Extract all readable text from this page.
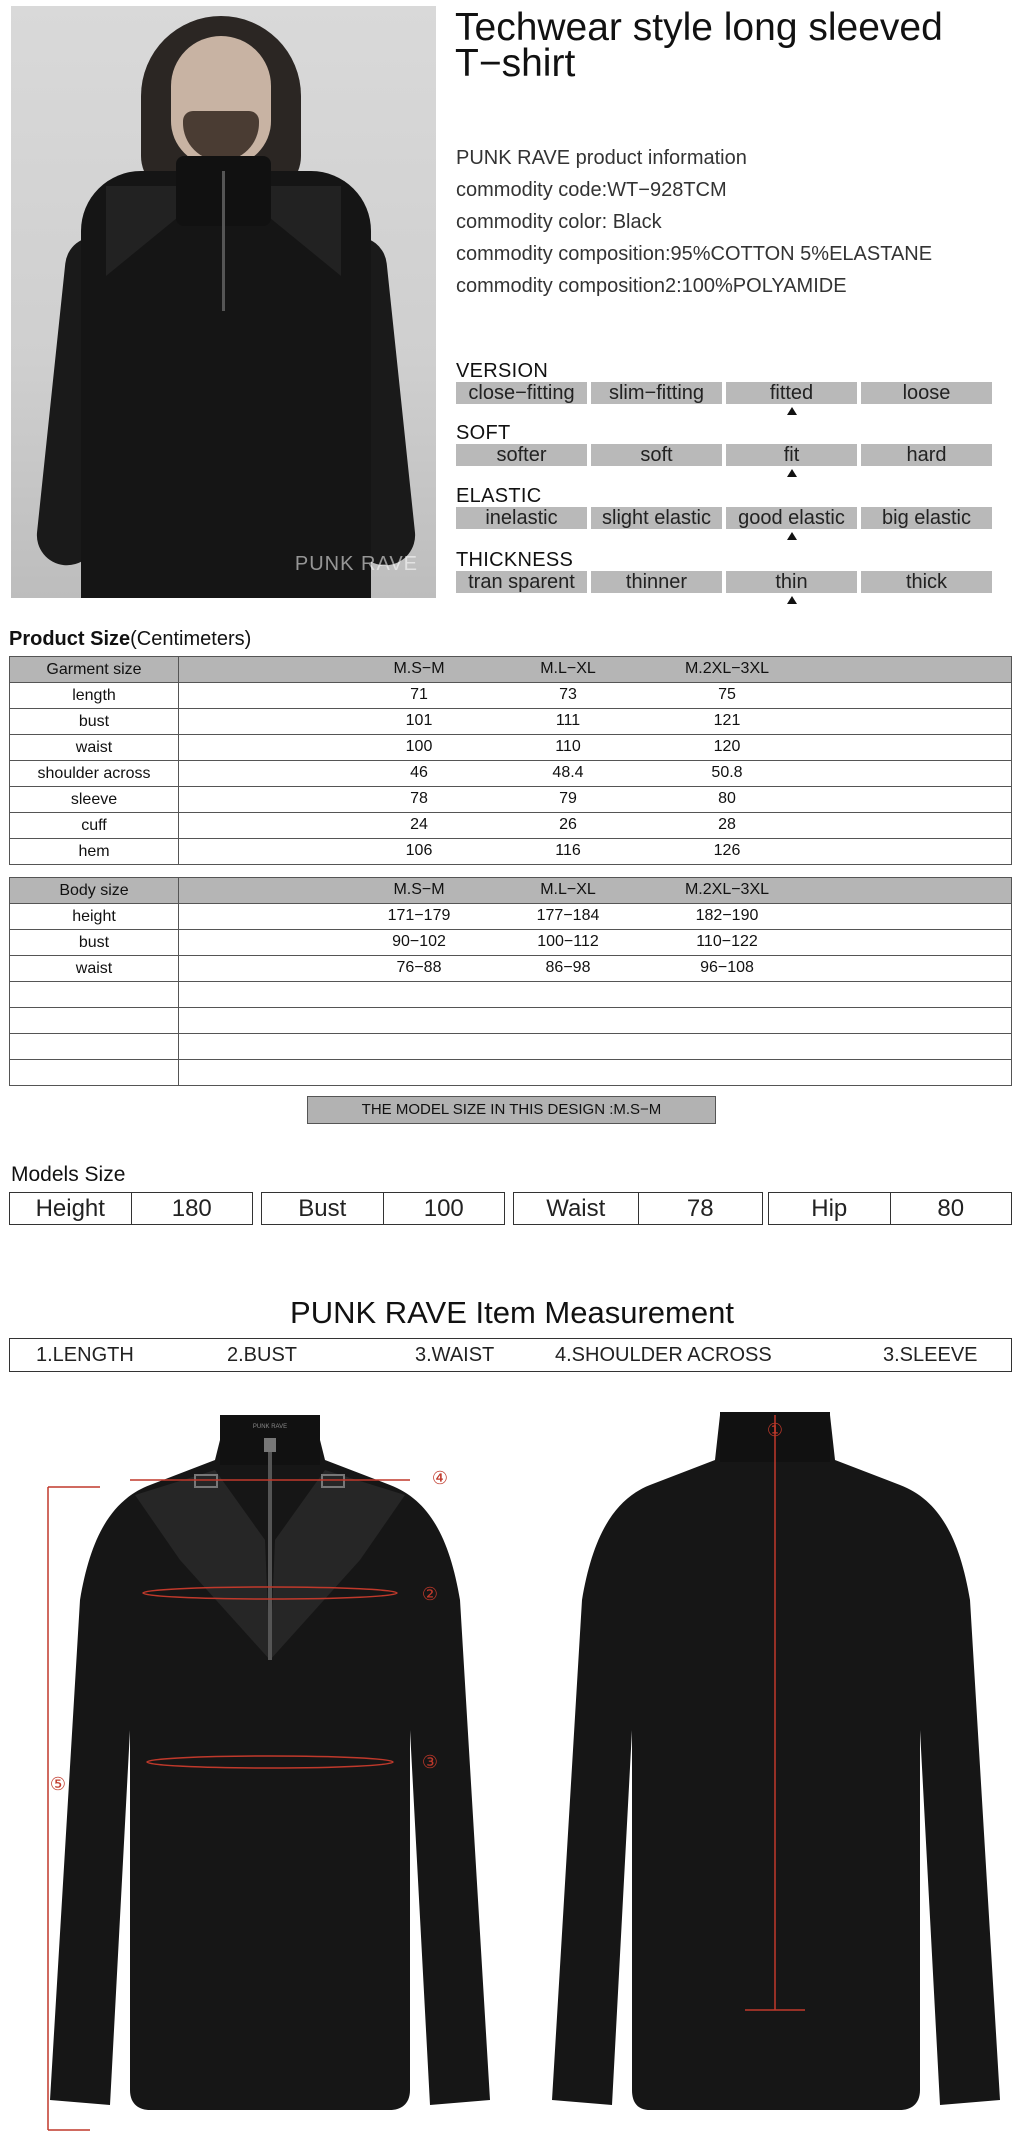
PUNK RAVE
Techwear style long sleeved
T−shirt
PUNK RAVE product information
commodity code:WT−928TCM
commodity color: Black
commodity composition:95%COTTON 5%ELASTANE
commodity composition2:100%POLYAMIDE
VERSION
close−fitting	slim−fitting	fitted	loose
SOFT
softer	soft	fit	hard
ELASTIC
inelastic	slight elastic	good elastic	big elastic
THICKNESS
tran sparent	thinner	thin	thick
Product Size(Centimeters)
Garment size	M.S−M M.L−XL M.2XL−3XL

length	71 73 75

bust	101 111 121

waist	100 110 120

shoulder across	46 48.4 50.8

sleeve	78 79 80

cuff	24 26 28

hem	106 116 126
Body size	M.S−M M.L−XL M.2XL−3XL

height	171−179 177−184 182−190

bust	90−102 100−112 110−122

waist	76−88 86−98 96−108

THE MODEL SIZE IN THIS DESIGN :M.S−M
Models Size
Height	180	Bust	100	Waist	78	Hip	80
PUNK RAVE Item Measurement
1.LENGTH	2.BUST	3.WAIST	4.SHOULDER ACROSS	3.SLEEVE
PUNK RAVE
④
②
③
⑤
①
